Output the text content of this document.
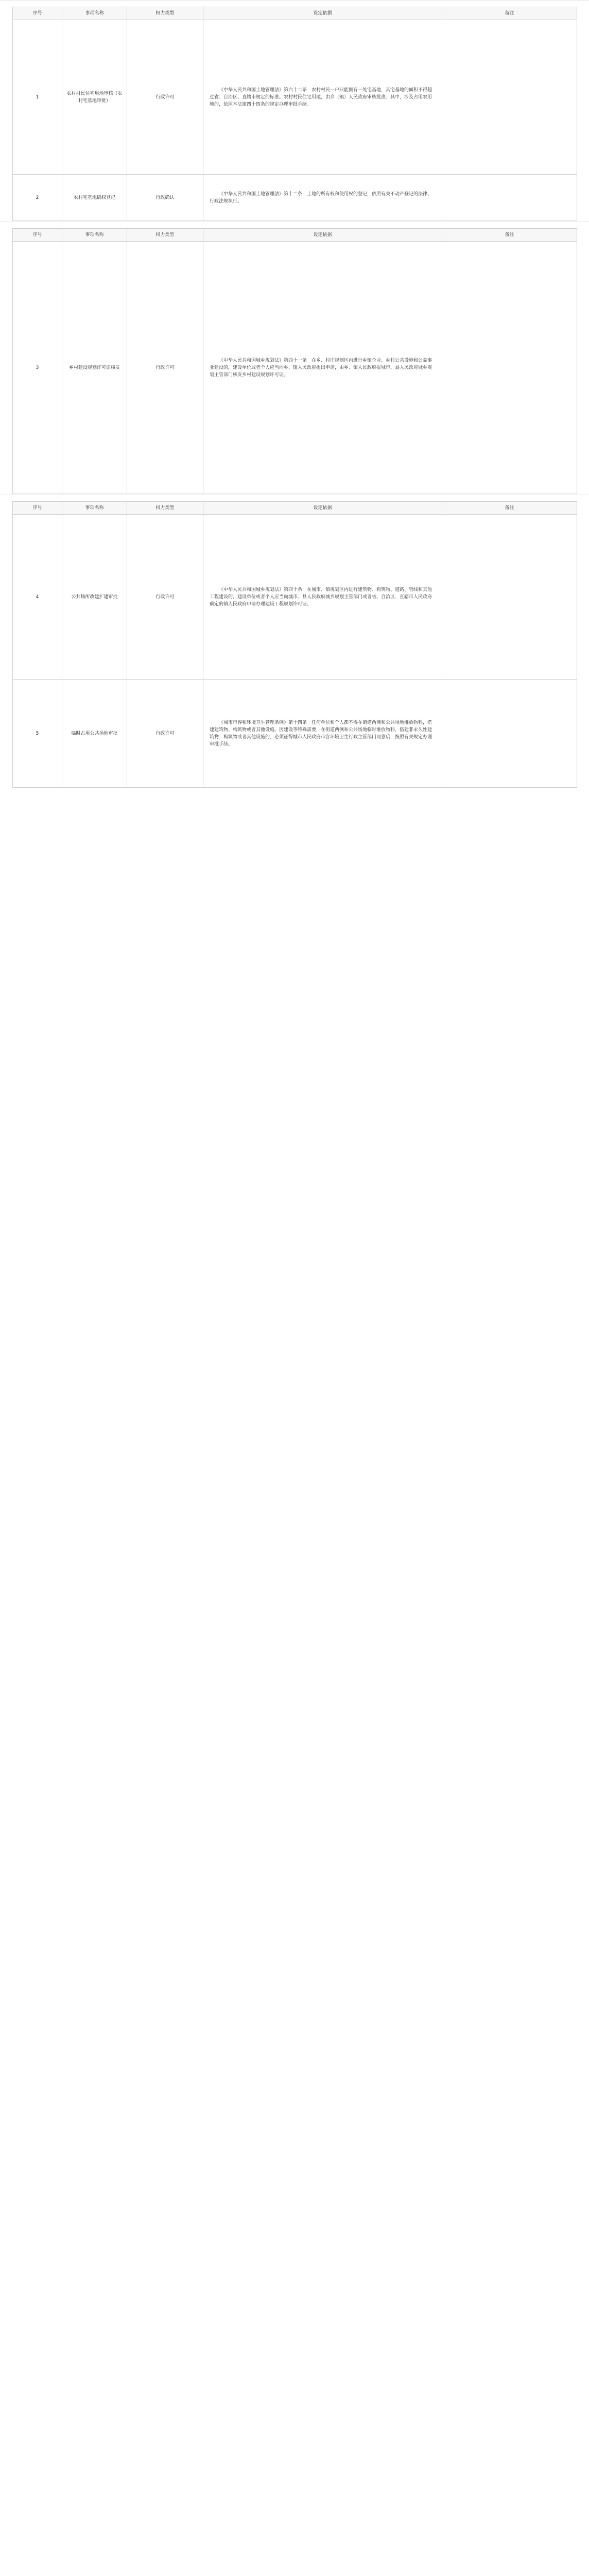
序号	事项名称	权力类型	设定依据	备注
1	农村村民住宅用地审核（农村宅基地审批）	行政许可	《中华人民共和国土地管理法》第六十二条　农村村民一户只能拥有一处宅基地，其宅基地的面积不得超过省、自治区、直辖市规定的标准。农村村民住宅用地，由乡（镇）人民政府审核批准；其中，涉及占用农用地的，依照本法第四十四条的规定办理审批手续。	

2	农村宅基地确权登记	行政确认	《中华人民共和国土地管理法》第十二条　土地的所有权和使用权的登记，依照有关不动产登记的法律、行政法规执行。	

序号	事项名称	权力类型	设定依据	备注
3	乡村建设规划许可证核发	行政许可	《中华人民共和国城乡规划法》第四十一条　在乡、村庄规划区内进行乡镇企业、乡村公共设施和公益事业建设的，建设单位或者个人应当向乡、镇人民政府提出申请，由乡、镇人民政府报城市、县人民政府城乡规划主管部门核发乡村建设规划许可证。	

序号	事项名称	权力类型	设定依据	备注
4	公共场所改建扩建审批	行政许可	《中华人民共和国城乡规划法》第四十条　在城市、镇规划区内进行建筑物、构筑物、道路、管线和其他工程建设的，建设单位或者个人应当向城市、县人民政府城乡规划主管部门或者省、自治区、直辖市人民政府确定的镇人民政府申请办理建设工程规划许可证。	

5	临时占用公共场地审批	行政许可	《城市市容和环境卫生管理条例》第十四条　任何单位和个人都不得在街道两侧和公共场地堆放物料，搭建建筑物、构筑物或者其他设施。因建设等特殊需要，在街道两侧和公共场地临时堆放物料，搭建非永久性建筑物、构筑物或者其他设施的，必须征得城市人民政府市容环境卫生行政主管部门同意后，按照有关规定办理审批手续。	
